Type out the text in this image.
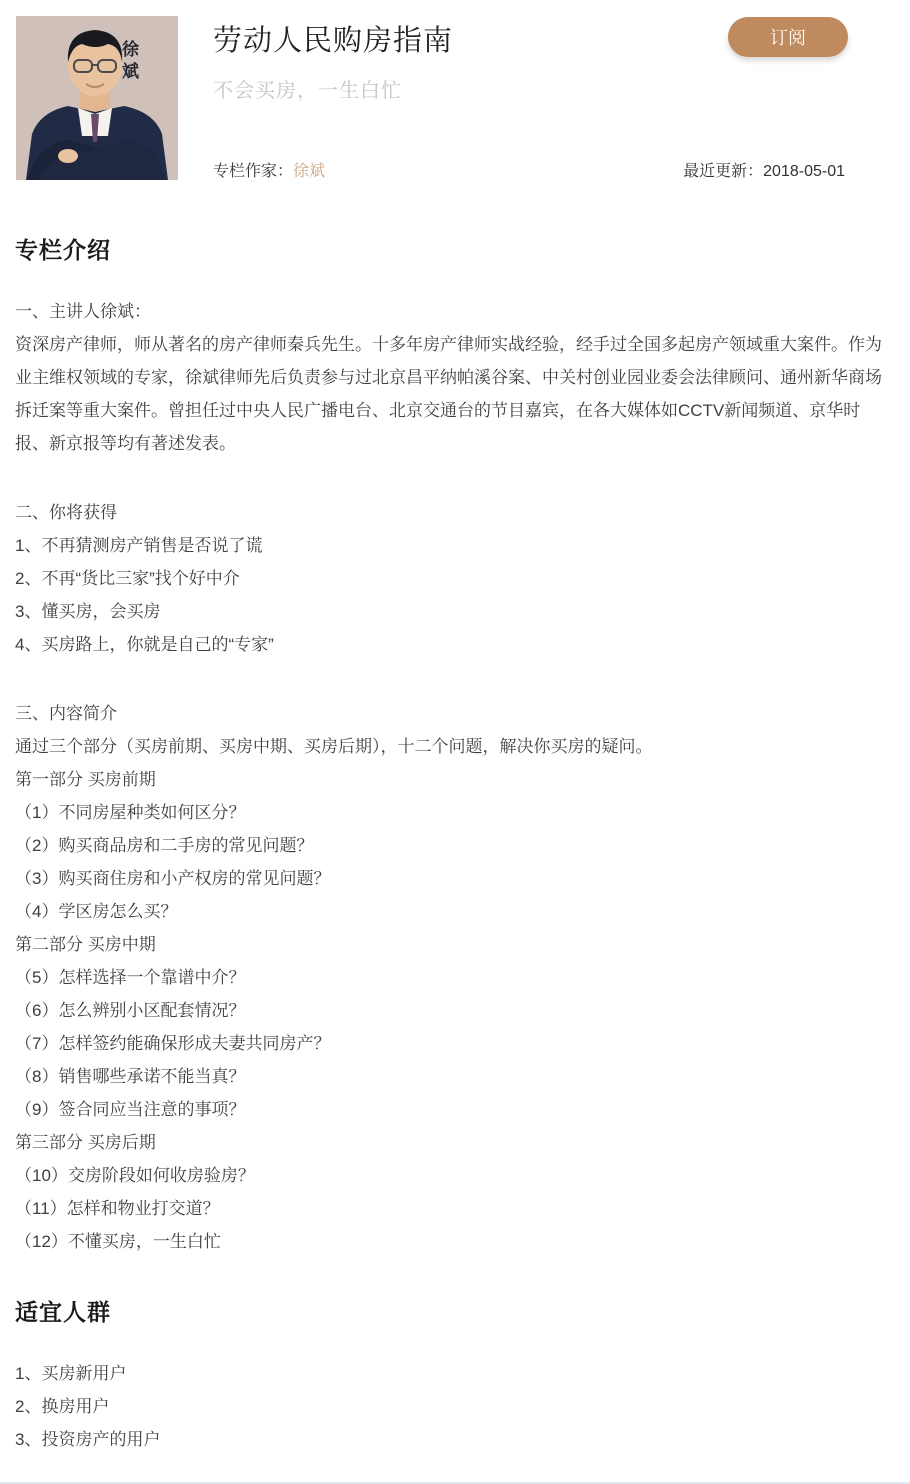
徐斌	劳动人民购房指南
不会买房，一生白忙
订阅
专栏作家：徐斌	最近更新：2018-05-01
专栏介绍
一、主讲人徐斌：
资深房产律师，师从著名的房产律师秦兵先生。十多年房产律师实战经验，经手过全国多起房产领域重大案件。作为业主维权领域的专家，徐斌律师先后负责参与过北京昌平纳帕溪谷案、中关村创业园业委会法律顾问、通州新华商场拆迁案等重大案件。曾担任过中央人民广播电台、北京交通台的节目嘉宾，在各大媒体如CCTV新闻频道、京华时报、新京报等均有著述发表。
二、你将获得
1、不再猜测房产销售是否说了谎
2、不再“货比三家”找个好中介
3、懂买房，会买房
4、买房路上，你就是自己的“专家”
三、内容简介
通过三个部分（买房前期、买房中期、买房后期），十二个问题，解决你买房的疑问。
第一部分 买房前期
（1）不同房屋种类如何区分？
（2）购买商品房和二手房的常见问题？
（3）购买商住房和小产权房的常见问题？
（4）学区房怎么买？
第二部分 买房中期
（5）怎样选择一个靠谱中介？
（6）怎么辨别小区配套情况？
（7）怎样签约能确保形成夫妻共同房产？
（8）销售哪些承诺不能当真？
（9）签合同应当注意的事项？
第三部分 买房后期
（10）交房阶段如何收房验房？
（11）怎样和物业打交道？
（12）不懂买房，一生白忙
适宜人群
1、买房新用户
2、换房用户
3、投资房产的用户
